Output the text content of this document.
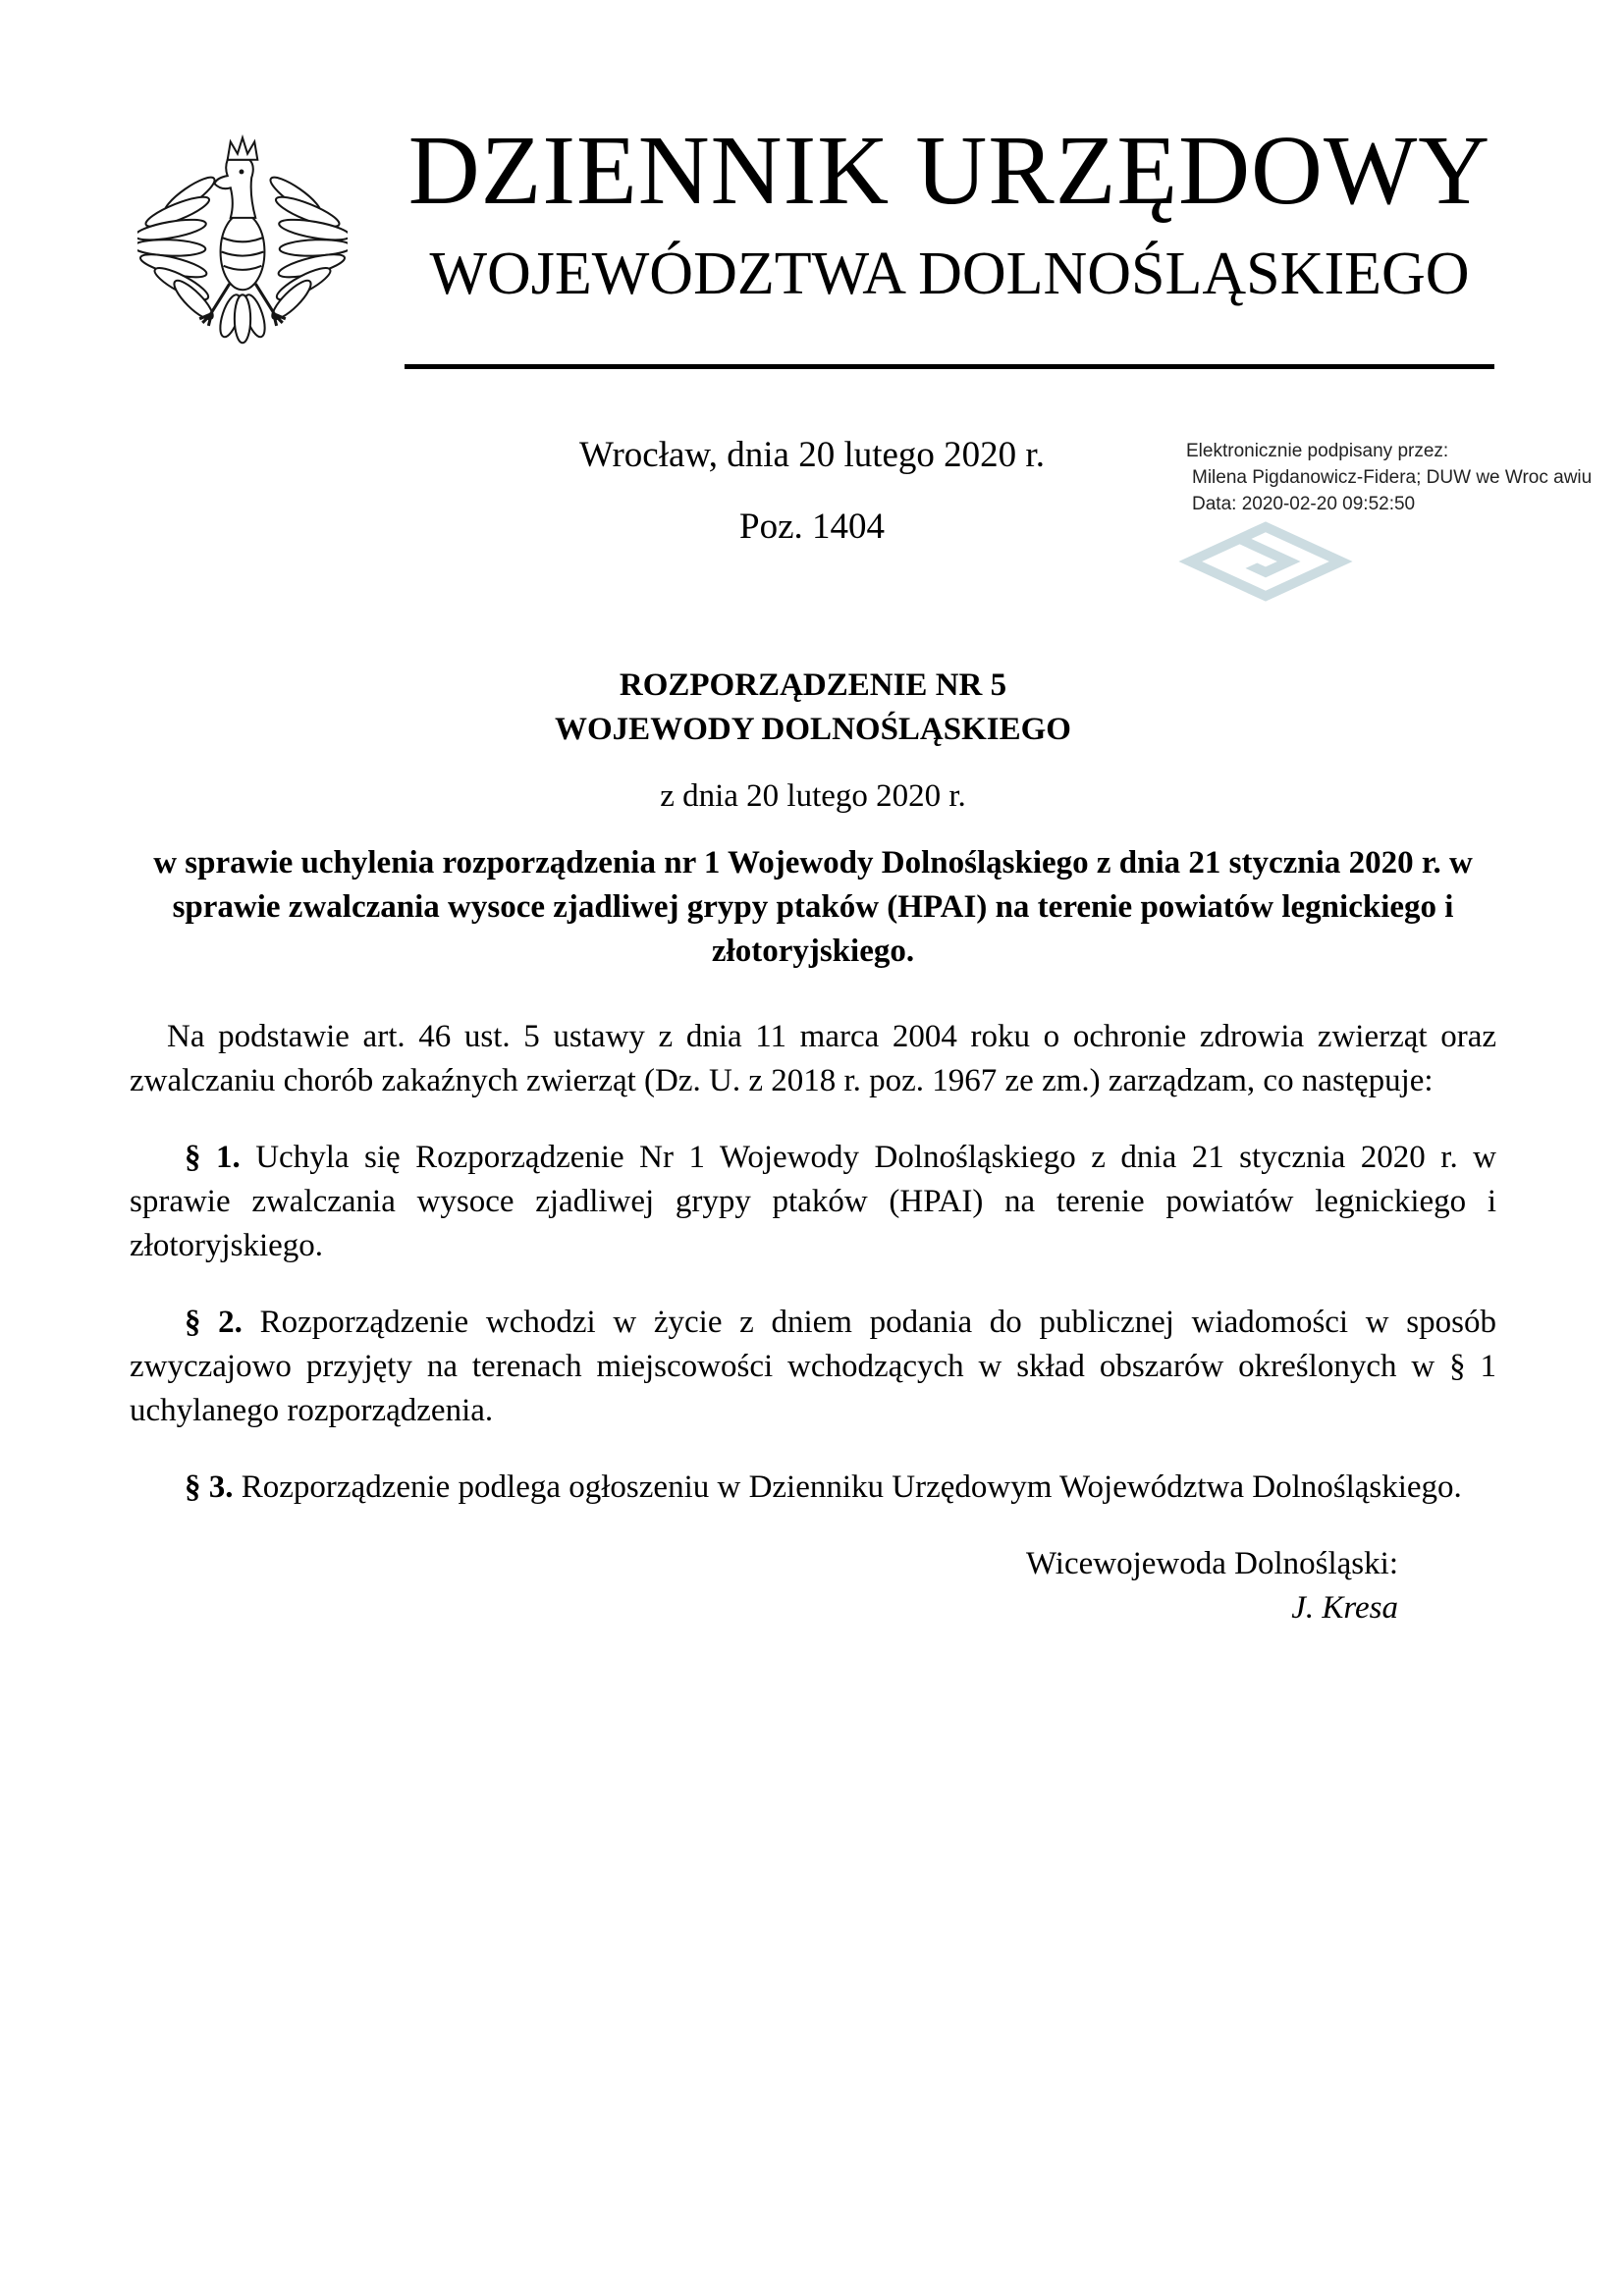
DZIENNIK URZĘDOWY
WOJEWÓDZTWA DOLNOŚLĄSKIEGO
Wrocław, dnia 20 lutego 2020 r.
Poz. 1404
Elektronicznie podpisany przez:
Milena Pigdanowicz-Fidera; DUW we Wroc awiu
Data: 2020-02-20 09:52:50
ROZPORZĄDZENIE NR 5
WOJEWODY DOLNOŚLĄSKIEGO
z dnia 20 lutego 2020 r.
w sprawie uchylenia rozporządzenia nr 1 Wojewody Dolnośląskiego z dnia 21 stycznia 2020 r. w sprawie zwalczania wysoce zjadliwej grypy ptaków (HPAI) na terenie powiatów legnickiego i złotoryjskiego.

Na podstawie art. 46 ust. 5 ustawy z dnia 11 marca 2004 roku o ochronie zdrowia zwierząt oraz zwalczaniu chorób zakaźnych zwierząt (Dz. U. z 2018 r. poz. 1967 ze zm.) zarządzam, co następuje:

§ 1. Uchyla się Rozporządzenie Nr 1 Wojewody Dolnośląskiego z dnia 21 stycznia 2020 r. w sprawie zwalczania wysoce zjadliwej grypy ptaków (HPAI) na terenie powiatów legnickiego i złotoryjskiego.

§ 2. Rozporządzenie wchodzi w życie z dniem podania do publicznej wiadomości w sposób zwyczajowo przyjęty na terenach miejscowości wchodzących w skład obszarów określonych w § 1 uchylanego rozporządzenia.

§ 3. Rozporządzenie podlega ogłoszeniu w Dzienniku Urzędowym Województwa Dolnośląskiego.

Wicewojewoda Dolnośląski:
J. Kresa
